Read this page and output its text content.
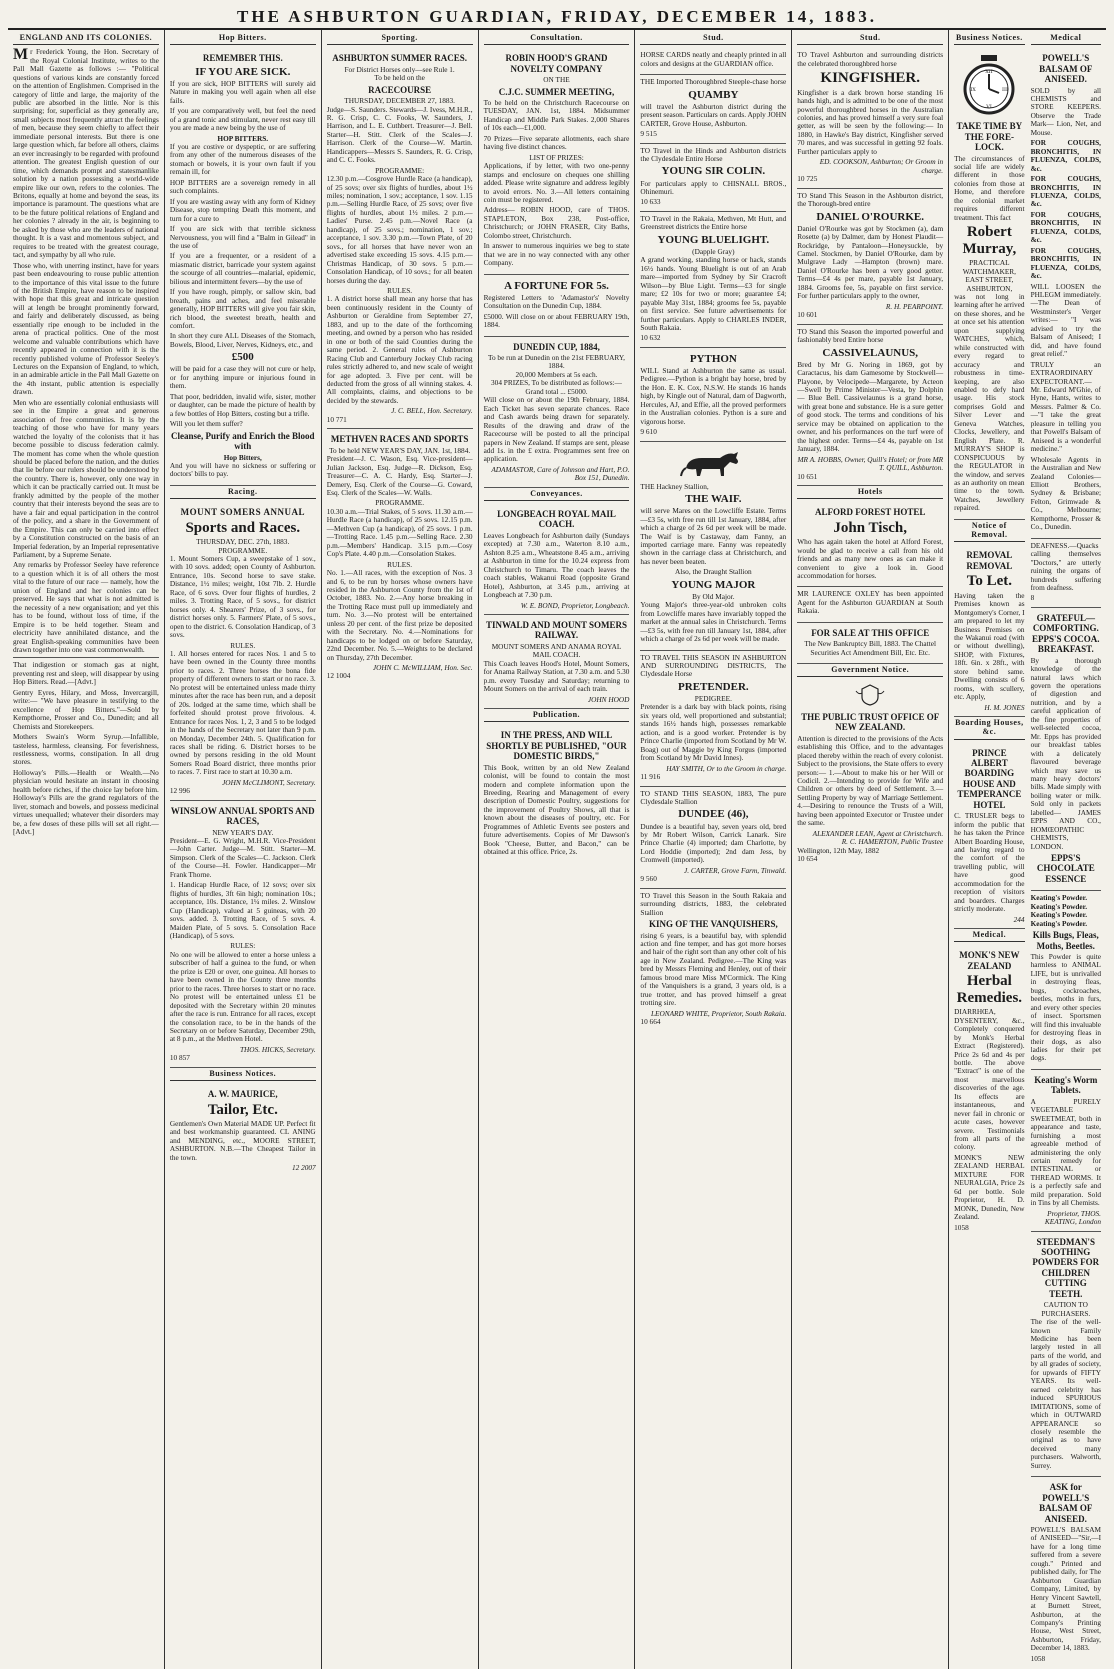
THE ASHBURTON GUARDIAN, FRIDAY, DECEMBER 14, 1883.
ENGLAND AND ITS COLONIES.

Mr Frederick Young, the Hon. Secretary of the Royal Colonial Institute, writes to the Pall Mall Gazette as follows :— "Political questions of various kinds are constantly forced on the attention of Englishmen. Comprised in the category of little and large, the majority of the public are absorbed in the little. Nor is this surprising; for, superficial as they generally are, small subjects most frequently attract the feelings of men, because they seem chiefly to affect their immediate personal interests. But there is one large question which, far before all others, claims an ever increasingly to be regarded with profound attention. The greatest English question of our time, which demands prompt and statesmanlike solution by a nation possessing a world-wide empire like our own, refers to the colonies. The Britons, equally at home and beyond the seas, its importance is paramount. The questions what are to be the future political relations of England and her colonies ? already in the air, is beginning to be asked by those who are the leaders of national thought. It is a vast and momentous subject, and requires to be treated with the greatest courage, tact, and sympathy by all who rule.

Those who, with unerring instinct, have for years past been endeavouring to rouse public attention to the importance of this vital issue to the future of the British Empire, have reason to be inspired with hope that this great and intricate question will at length be brought prominently forward, and fairly and deliberately discussed, as being essentially ripe enough to be included in the arena of practical politics. One of the most welcome and valuable contributions which have recently appeared in connection with it is the recently published volume of Professor Seeley's Lectures on the Expansion of England, to which, in an admirable article in the Pall Mall Gazette on the 4th instant, public attention is especially drawn.

Men who are essentially colonial enthusiasts will see in the Empire a great and generous association of free communities. It is by the teaching of those who have for many years watched the loyalty of the colonists that it has become possible to discuss federation calmly. The moment has come when the whole question should be placed before the nation, and the duties that lie before our rulers should be understood by the country. There is, however, only one way in which it can be practically carried out. It must be frankly admitted by the people of the mother country that their interests beyond the seas are to have a fair and equal participation in the control of the policy, and a share in the Government of the Empire. This can only be carried into effect by a Constitution constructed on the basis of an Imperial federation, by an Imperial representative Parliament, by a Supreme Senate.

Any remarks by Professor Seeley have reference to a question which it is of all others the most vital to the future of our race — namely, how the union of England and her colonies can be preserved. He says that what is not admitted is the necessity of a new organisation; and yet this has to be found, without loss of time, if the Empire is to be held together. Steam and electricity have annihilated distance, and the great English-speaking communities have been drawn together into one vast commonwealth.

That indigestion or stomach gas at night, preventing rest and sleep, will disappear by using Hop Bitters. Read.—[Advt.]

Gentry Eyres, Hilary, and Moss, Invercargill, write:— "We have pleasure in testifying to the excellence of Hop Bitters."—Sold by Kempthorne, Prosser and Co., Dunedin; and all Chemists and Storekeepers.

Mothers Swain's Worm Syrup.—Infallible, tasteless, harmless, cleansing. For feverishness, restlessness, worms, constipation. In all drug stores.

Holloway's Pills.—Health or Wealth.—No physician would hesitate an instant in choosing health before riches, if the choice lay before him. Holloway's Pills are the grand regulators of the liver, stomach and bowels, and possess medicinal virtues unequalled; whatever their disorders may be, a few doses of these pills will set all right.—[Advt.]

Hop Bitters.
REMEMBER THIS.
IF YOU ARE SICK.

If you are sick, HOP BITTERS will surely aid Nature in making you well again when all else fails.

If you are comparatively well, but feel the need of a grand tonic and stimulant, never rest easy till you are made a new being by the use of

HOP BITTERS.

If you are costive or dyspeptic, or are suffering from any other of the numerous diseases of the stomach or bowels, it is your own fault if you remain ill, for

HOP BITTERS are a sovereign remedy in all such complaints.

If you are wasting away with any form of Kidney Disease, stop tempting Death this moment, and turn for a cure to

If you are sick with that terrible sickness Nervousness, you will find a "Balm in Gilead" in the use of

If you are a frequenter, or a resident of a miasmatic district, barricade your system against the scourge of all countries—malarial, epidemic, bilious and intermittent fevers—by the use of

If you have rough, pimply, or sallow skin, bad breath, pains and aches, and feel miserable generally, HOP BITTERS will give you fair skin, rich blood, the sweetest breath, health and comfort.

In short they cure ALL Diseases of the Stomach, Bowels, Blood, Liver, Nerves, Kidneys, etc., and

£500

will be paid for a case they will not cure or help, or for anything impure or injurious found in them.

That poor, bedridden, invalid wife, sister, mother or daughter, can be made the picture of health by a few bottles of Hop Bitters, costing but a trifle.

Will you let them suffer?

Cleanse, Purify and Enrich the Blood with
Hop Bitters,

And you will have no sickness or suffering or doctors' bills to pay.

Racing.
MOUNT SOMERS ANNUAL
Sports and Races.
THURSDAY, DEC. 27th, 1883.
PROGRAMME.

1. Mount Somers Cup, a sweepstake of 1 sov., with 10 sovs. added; open County of Ashburton. Entrance, 10s. Second horse to save stake. Distance, 1½ miles; weight, 10st 7lb. 2. Hurdle Race, of 6 sovs. Over four flights of hurdles, 2 miles. 3. Trotting Race, of 5 sovs., for district horses only. 4. Shearers' Prize, of 3 sovs., for district horses only. 5. Farmers' Plate, of 5 sovs., open to the district. 6. Consolation Handicap, of 3 sovs.

RULES.

1. All horses entered for races Nos. 1 and 5 to have been owned in the County three months prior to races. 2. Three horses the bona fide property of different owners to start or no race. 3. No protest will be entertained unless made thirty minutes after the race has been run, and a deposit of 20s. lodged at the same time, which shall be forfeited should protest prove frivolous. 4. Entrance for races Nos. 1, 2, 3 and 5 to be lodged in the hands of the Secretary not later than 9 p.m. on Monday, December 24th. 5. Qualification for races shall be riding. 6. District horses to be owned by persons residing in the old Mount Somers Road Board district, three months prior to races. 7. First race to start at 10.30 a.m.

JOHN McCLIMONT, Secretary.
12 996
WINSLOW ANNUAL SPORTS AND RACES,
NEW YEAR'S DAY.

President—E. G. Wright, M.H.R. Vice-President—John Carter. Judge—M. Stitt. Starter—M. Simpson. Clerk of the Scales—C. Jackson. Clerk of the Course—H. Fowler. Handicapper—Mr Frank Thorne.

1. Handicap Hurdle Race, of 12 sovs; over six flights of hurdles, 3ft 6in high; nomination 10s.; acceptance, 10s. Distance, 1¼ miles. 2. Winslow Cup (Handicap), valued at 5 guineas, with 20 sovs. added. 3. Trotting Race, of 5 sovs. 4. Maiden Plate, of 5 sovs. 5. Consolation Race (Handicap), of 5 sovs.

RULES:

No one will be allowed to enter a horse unless a subscriber of half a guinea to the fund, or when the prize is £20 or over, one guinea. All horses to have been owned in the County three months prior to the races. Three horses to start or no race. No protest will be entertained unless £1 be deposited with the Secretary within 20 minutes after the race is run. Entrance for all races, except the consolation race, to be in the hands of the Secretary on or before Saturday, December 29th, at 8 p.m., at the Methven Hotel.

THOS. HICKS, Secretary.
10 857
Business Notices.
A. W. MAURICE,
Tailor, Etc.

Gentlemen's Own Material MADE UP. Perfect fit and best workmanship guaranteed. CL ANING and MENDING, etc., MOORE STREET, ASHBURTON. N.B.—The Cheapest Tailor in the town.

12 2007
Sporting.
ASHBURTON SUMMER RACES.
For District Horses only—see Rule 1.
To be held on the
RACECOURSE
THURSDAY, DECEMBER 27, 1883.

Judge—S. Saunders. Stewards—J. Ivess, M.H.R., R. G. Crisp, C. C. Fooks, W. Saunders, J. Harrison, and L. E. Cuthbert. Treasurer—J. Bell. Starter—H. Stitt. Clerk of the Scales—J. Harrison. Clerk of the Course—W. Martin. Handicappers—Messrs S. Saunders, R. G. Crisp, and C. C. Fooks.

PROGRAMME:

12.30 p.m.—Cosgrove Hurdle Race (a handicap), of 25 sovs; over six flights of hurdles, about 1½ miles; nomination, 1 sov.; acceptance, 1 sov. 1.15 p.m.—Selling Hurdle Race, of 25 sovs; over five flights of hurdles, about 1½ miles. 2 p.m.—Ladies' Purse. 2.45 p.m.—Novel Race (a handicap), of 25 sovs.; nomination, 1 sov.; acceptance, 1 sov. 3.30 p.m.—Town Plate, of 20 sovs., for all horses that have never won an advertised stake exceeding 15 sovs. 4.15 p.m.—Christmas Handicap, of 30 sovs. 5 p.m.—Consolation Handicap, of 10 sovs.; for all beaten horses during the day.

RULES.

1. A district horse shall mean any horse that has been continuously resident in the County of Ashburton or Geraldine from September 27, 1883, and up to the date of the forthcoming meeting, and owned by a person who has resided in one or both of the said Counties during the same period. 2. General rules of Ashburton Racing Club and Canterbury Jockey Club racing rules strictly adhered to, and new scale of weight for age adopted. 3. Five per cent. will be deducted from the gross of all winning stakes. 4. All complaints, claims, and objections to be decided by the stewards.

J. C. BELL, Hon. Secretary.
10 771
METHVEN RACES AND SPORTS
To be held NEW YEAR'S DAY, JAN. 1st, 1884.

President—J. C. Wason, Esq. Vice-president—Julian Jackson, Esq. Judge—R. Dickson, Esq. Treasurer—C. A. C. Hardy, Esq. Starter—J. Demery, Esq. Clerk of the Course—G. Coward, Esq. Clerk of the Scales—W. Walls.

PROGRAMME.

10.30 a.m.—Trial Stakes, of 5 sovs. 11.30 a.m.—Hurdle Race (a handicap), of 25 sovs. 12.15 p.m.—Methven Cup (a handicap), of 25 sovs. 1 p.m.—Trotting Race. 1.45 p.m.—Selling Race. 2.30 p.m.—Members' Handicap. 3.15 p.m.—Cosy Cop's Plate. 4.40 p.m.—Consolation Stakes.

RULES.

No. 1.—All races, with the exception of Nos. 3 and 6, to be run by horses whose owners have resided in the Ashburton County from the 1st of October, 1883. No. 2.—Any horse breaking in the Trotting Race must pull up immediately and turn. No. 3.—No protest will be entertained unless 20 per cent. of the first prize be deposited with the Secretary. No. 4.—Nominations for handicaps to be lodged on or before Saturday, 22nd December. No. 5.—Weights to be declared on Thursday, 27th December.

JOHN C. McWILLIAM, Hon. Sec.
12 1004
Consultation.
ROBIN HOOD'S GRAND NOVELTY COMPANY
ON THE
C.J.C. SUMMER MEETING,

To be held on the Christchurch Racecourse on TUESDAY, JAN. 1st, 1884. Midsummer Handicap and Middle Park Stakes. 2,000 Shares of 10s each—£1,000.

70 Prizes—Five separate allotments, each share having five distinct chances.

LIST OF PRIZES:

Applications, if by letter, with two one-penny stamps and enclosure on cheques one shilling added. Please write signature and address legibly to avoid errors. No. 3.—All letters containing coin must be registered.

Address— ROBIN HOOD, care of THOS. STAPLETON, Box 238, Post-office, Christchurch; or JOHN FRASER, City Baths, Colombo street, Christchurch.

In answer to numerous inquiries we beg to state that we are in no way connected with any other Company.

A FORTUNE FOR 5s.

Registered Letters to 'Adamastor's' Novelty Consultation on the Dunedin Cup, 1884.

£5000. Will close on or about FEBRUARY 19th, 1884.

DUNEDIN CUP, 1884,
To be run at Dunedin on the 21st FEBRUARY, 1884.
20,000 Members at 5s each.
304 PRIZES, To be distributed as follows:—
Grand total ... £5000.

Will close on or about the 19th February, 1884. Each Ticket has seven separate chances. Race and Cash awards being drawn for separately. Results of the drawing and draw of the Racecourse will be posted to all the principal papers in New Zealand. If stamps are sent, please add 1s. in the £ extra. Programmes sent free on application.

ADAMASTOR, Care of Johnson and Hart, P.O. Box 151, Dunedin.
Conveyances.
LONGBEACH ROYAL MAIL COACH.

Leaves Longbeach for Ashburton daily (Sundays excepted) at 7.30 a.m., Waterton 8.10 a.m., Ashton 8.25 a.m., Wheatstone 8.45 a.m., arriving at Ashburton in time for the 10.24 express from Christchurch to Timaru. The coach leaves the coach stables, Wakanui Road (opposite Grand Hotel), Ashburton, at 3.45 p.m., arriving at Longbeach at 7.30 p.m.

W. E. BOND, Proprietor, Longbeach.
TINWALD AND MOUNT SOMERS RAILWAY.
MOUNT SOMERS AND ANAMA ROYAL MAIL COACH.

This Coach leaves Hood's Hotel, Mount Somers, for Anama Railway Station, at 7.30 a.m. and 5.30 p.m. every Tuesday and Saturday; returning to Mount Somers on the arrival of each train.

JOHN HOOD
Publication.
IN THE PRESS, AND WILL SHORTLY BE PUBLISHED, "OUR DOMESTIC BIRDS,"

This Book, written by an old New Zealand colonist, will be found to contain the most modern and complete information upon the Breeding, Rearing and Management of every description of Domestic Poultry, suggestions for the improvement of Poultry Shows, all that is known about the diseases of poultry, etc. For Programmes of Athletic Events see posters and future advertisements. Copies of Mr Dawson's Book "Cheese, Butter, and Bacon," can be obtained at this office. Price, 2s.

Stud.

HORSE CARDS neatly and cheaply printed in all colors and designs at the GUARDIAN office.

THE Imported Thoroughbred Steeple-chase horse

QUAMBY

will travel the Ashburton district during the present season. Particulars on cards. Apply JOHN CARTER, Grove House, Ashburton.

9 515

TO Travel in the Hinds and Ashburton districts the Clydesdale Entire Horse

YOUNG SIR COLIN.

For particulars apply to CHISNALL BROS., Ohinemuri.

10 633

TO Travel in the Rakaia, Methven, Mt Hutt, and Greenstreet districts the Entire horse

YOUNG BLUELIGHT.
(Dapple Gray)

A grand working, standing horse or hack, stands 16½ hands. Young Bluelight is out of an Arab mare—imported from Sydney by Sir Cracroft Wilson—by Blue Light. Terms—£3 for single mare; £2 10s for two or more; guarantee £4; payable May 31st, 1884; grooms fee 5s, payable on first service. See future advertisements for further particulars. Apply to CHARLES INDER, South Rakaia.

10 632
PYTHON

WILL Stand at Ashburton the same as usual. Pedigree.—Python is a bright bay horse, bred by the Hon. E. K. Cox, N.S.W. He stands 16 hands high, by Kingle out of Natural, dam of Dagworth, Hercules, AJ, and Effie, all the proved performers in the Australian colonies. Python is a sure and vigorous horse.

9 610

THE Hackney Stallion,

THE WAIF.

will serve Mares on the Lowcliffe Estate. Terms—£3 5s, with free run till 1st January, 1884, after which a charge of 2s 6d per week will be made. The Waif is by Castaway, dam Fanny, an imported carriage mare. Fanny was repeatedly shown in the carriage class at Christchurch, and has never been beaten.

Also, the Draught Stallion

YOUNG MAJOR
By Old Major.

Young Major's three-year-old unbroken colts from Lowcliffe mares have invariably topped the market at the annual sales in Christchurch. Terms—£3 5s, with free run till January 1st, 1884, after which a charge of 2s 6d per week will be made.

TO TRAVEL THIS SEASON IN ASHBURTON AND SURROUNDING DISTRICTS, The Clydesdale Horse

PRETENDER.
PEDIGREE.

Pretender is a dark bay with black points, rising six years old, well proportioned and substantial; stands 16½ hands high, possesses remarkable action, and is a good worker. Pretender is by Prince Charlie (imported from Scotland by Mr W. Boag) out of Maggie by King Forgus (imported from Scotland by Mr David Innes).

HAY SMITH, Or to the Groom in charge.
11 916

TO STAND THIS SEASON, 1883, The pure Clydesdale Stallion

DUNDEE (46),

Dundee is a beautiful bay, seven years old, bred by Mr Robert Wilson, Carrick Lanark. Sire Prince Charlie (4) imported; dam Charlotte, by Lord Hoddie (imported); 2nd dam Jess, by Cromwell (imported).

J. CARTER, Grove Farm, Tinwald.
9 560

TO Travel this Season in the South Rakaia and surrounding districts, 1883, the celebrated Stallion

KING OF THE VANQUISHERS,

rising 6 years, is a beautiful bay, with splendid action and fine temper, and has got more horses and hair of the right sort than any other colt of his age in New Zealand. Pedigree.—The King was bred by Messrs Fleming and Henley, out of their famous brood mare Miss M'Cormick. The King of the Vanquishers is a grand, 3 years old, is a true trotter, and has proved himself a great trotting sire.

LEONARD WHITE, Proprietor, South Rakaia.
10 664
Stud.

TO Travel Ashburton and surrounding districts the celebrated thoroughbred horse

KINGFISHER.

Kingfisher is a dark brown horse standing 16 hands high, and is admitted to be one of the most powerful thoroughbred horses in the Australian colonies, and has proved himself a very sure foal getter, as will be seen by the following:— In 1880, in Hawke's Bay district, Kingfisher served 70 mares, and was successful in getting 92 foals. Further particulars apply to

ED. COOKSON, Ashburton; Or Groom in charge.
10 725

TO Stand This Season in the Ashburton district, the Thorough-bred entire

DANIEL O'ROURKE.

Daniel O'Rourke was got by Stockmen (a), dam Rosette (a) by Dalmer, dam by Honest Plaudit—Rockridge, by Pantaloon—Honeysuckle, by Camel. Stockmen, by Daniel O'Rourke, dam by Mulgrave Lady —Hampton (brown) mare. Daniel O'Rourke has been a very good getter. Terms—£4 4s per mare, payable 1st January, 1884. Grooms fee, 5s, payable on first service. For further particulars apply to the owner,

R. H. PEARPOINT.
10 601

TO Stand this Season the imported powerful and fashionably bred Entire horse

CASSIVELAUNUS,

Bred by Mr G. Noring in 1869, got by Caractacus, his dam Gamesome by Stockwell—Playone, by Velocipede—Margarete, by Acteon—Swell by Prime Minister—Vesta, by Dolphin — Blue Bell. Cassivelaunus is a grand horse, with great bone and substance. He is a sure getter of good stock. The terms and conditions of his service may be obtained on application to the owner, and his performances on the turf were of the highest order. Terms—£4 4s, payable on 1st January, 1884.

MR A. HOBBS, Owner, Quill's Hotel; or from MR T. QUILL, Ashburton.
10 651
Hotels
ALFORD FOREST HOTEL
John Tisch,

Who has again taken the hotel at Alford Forest, would be glad to receive a call from his old friends and as many new ones as can make it convenient to give a look in. Good accommodation for horses.

MR LAURENCE OXLEY has been appointed Agent for the Ashburton GUARDIAN at South Rakaia.

FOR SALE AT THIS OFFICE

The New Bankruptcy Bill, 1883. The Chattel Securities Act Amendment Bill, Etc. Etc.

Government Notice.
THE PUBLIC TRUST OFFICE OF NEW ZEALAND.

Attention is directed to the provisions of the Acts establishing this Office, and to the advantages placed thereby within the reach of every colonist. Subject to the provisions, the State offers to every person:— 1.—About to make his or her Will or Codicil. 2.—Intending to provide for Wife and Children or others by deed of Settlement. 3.—Settling Property by way of Marriage Settlement. 4.—Desiring to renounce the Trusts of a Will, having been appointed Executor or Trustee under the same.

ALEXANDER LEAN, Agent at Christchurch.
R. C. HAMERTON, Public Trustee
Wellington, 12th May, 1882
10 654
Business Notices.
XII
III
VI
IX
TAKE TIME BY THE FORE-LOCK.

The circumstances of social life are widely different in those colonies from those at Home, and therefore the colonial market requires different treatment. This fact

Robert Murray,
PRACTICAL WATCHMAKER, EAST STREET, ASHBURTON,

was not long in learning after he arrived on these shores, and he at once set his attention upon supplying WATCHES, which, while constructed with every regard to accuracy and robustness in time-keeping, are also enabled to defy hard usage. His stock comprises Gold and Silver Lever and Geneva Watches, Clocks, Jewellery, and English Plate. R. MURRAY'S SHOP is CONSPICUOUS by the REGULATOR in the window, and serves as an authority on mean time to the town. Watches, Jewellery repaired.

Notice of Removal.
REMOVAL REMOVAL
To Let.

Having taken the Premises known as Montgomery's Corner, I am prepared to let my Business Premises on the Wakanui road (with or without dwelling), SHOP, with Fixtures, 18ft. 6in. x 28ft., with store behind same. Dwelling consists of 6 rooms, with scullery, etc. Apply,

H. M. JONES
Boarding Houses, &c.
PRINCE ALBERT BOARDING HOUSE AND TEMPERANCE HOTEL

C. TRUSLER begs to inform the public that he has taken the Prince Albert Boarding House, and having regard to the comfort of the travelling public, will have good accommodation for the reception of visitors and boarders. Charges strictly moderate.

244
Medical.
MONK'S NEW ZEALAND
Herbal Remedies.

DIARRHŒA, DYSENTERY, &c., Completely conquered by Monk's Herbal Extract (Registered). Price 2s 6d and 4s per bottle. The above "Extract" is one of the most marvellous discoveries of the age. Its effects are instantaneous, and never fail in chronic or acute cases, however severe. Testimonials from all parts of the colony.

MONK'S NEW ZEALAND HERBAL MIXTURE FOR NEURALGIA, Price 2s 6d per bottle. Sole Proprietor, H. D. MONK, Dunedin, New Zealand.

1058
Medical
POWELL'S BALSAM OF ANISEED.

SOLD by all CHEMISTS and STORE KEEPERS. Observe the Trade Mark— Lion, Net, and Mouse.

FOR COUGHS, BRONCHITIS, IN FLUENZA, COLDS, &c.

FOR COUGHS, BRONCHITIS, IN FLUENZA, COLDS, &c.

FOR COUGHS, BRONCHITIS, IN FLUENZA, COLDS, &c.

FOR COUGHS, BRONCHITIS, IN FLUENZA, COLDS, &c.

WILL LOOSEN the PHLEGM immediately.—The Dean of Westminster's Verger writes:— "I was advised to try the Balsam of Aniseed; I did, and have found great relief."

TRULY an EXTRAORDINARY EXPECTORANT.—Mr. Edward M'Ghie, of Hyne, Hants, writes to Messrs. Palmer & Co.—"I take the great pleasure in telling you that Powell's Balsam of Aniseed is a wonderful medicine."

Wholesale Agents in the Australian and New Zealand Colonies—Elliott Brothers, Sydney & Brisbane; Felton, Grimwade & Co., Melbourne; Kempthorne, Prosser & Co., Dunedin.

DEAFNESS.—Quacks calling themselves "Doctors," are utterly ruining the organs of hundreds suffering from deafness.

8
GRATEFUL—COMFORTING. EPPS'S COCOA. BREAKFAST.

By a thorough knowledge of the natural laws which govern the operations of digestion and nutrition, and by a careful application of the fine properties of well-selected cocoa, Mr. Epps has provided our breakfast tables with a delicately flavoured beverage which may save us many heavy doctors' bills. Made simply with boiling water or milk. Sold only in packets labelled— JAMES EPPS AND CO., HOMŒOPATHIC CHEMISTS, LONDON.

EPPS'S CHOCOLATE ESSENCE
Keating's Powder.
Keating's Powder.
Keating's Powder.
Keating's Powder.
Kills Bugs, Fleas, Moths, Beetles.

This Powder is quite harmless to ANIMAL LIFE, but is unrivalled in destroying fleas, bugs, cockroaches, beetles, moths in furs, and every other species of insect. Sportsmen will find this invaluable for destroying fleas in their dogs, as also ladies for their pet dogs.

Keating's Worm Tablets.

A PURELY VEGETABLE SWEETMEAT, both in appearance and taste, furnishing a most agreeable method of administering the only certain remedy for INTESTINAL or THREAD WORMS. It is a perfectly safe and mild preparation. Sold in Tins by all Chemists.

Proprietor, THOS. KEATING, London
STEEDMAN'S SOOTHING POWDERS FOR CHILDREN CUTTING TEETH.
CAUTION TO PURCHASERS.

The rise of the well-known Family Medicine has been largely tested in all parts of the world, and by all grades of society, for upwards of FIFTY YEARS. Its well-earned celebrity has induced SPURIOUS IMITATIONS, some of which in OUTWARD APPEARANCE so closely resemble the original as to have deceived many purchasers. Walworth, Surrey.

ASK for POWELL'S BALSAM OF ANISEED.

POWELL'S BALSAM of ANISEED—"Sir,—I have for a long time suffered from a severe cough." Printed and published daily, for The Ashburton Guardian Company, Limited, by Henry Vincent Sawtell, at Burnett Street, Ashburton, at the Company's Printing House, West Street, Ashburton, Friday, December 14, 1883.

1058
